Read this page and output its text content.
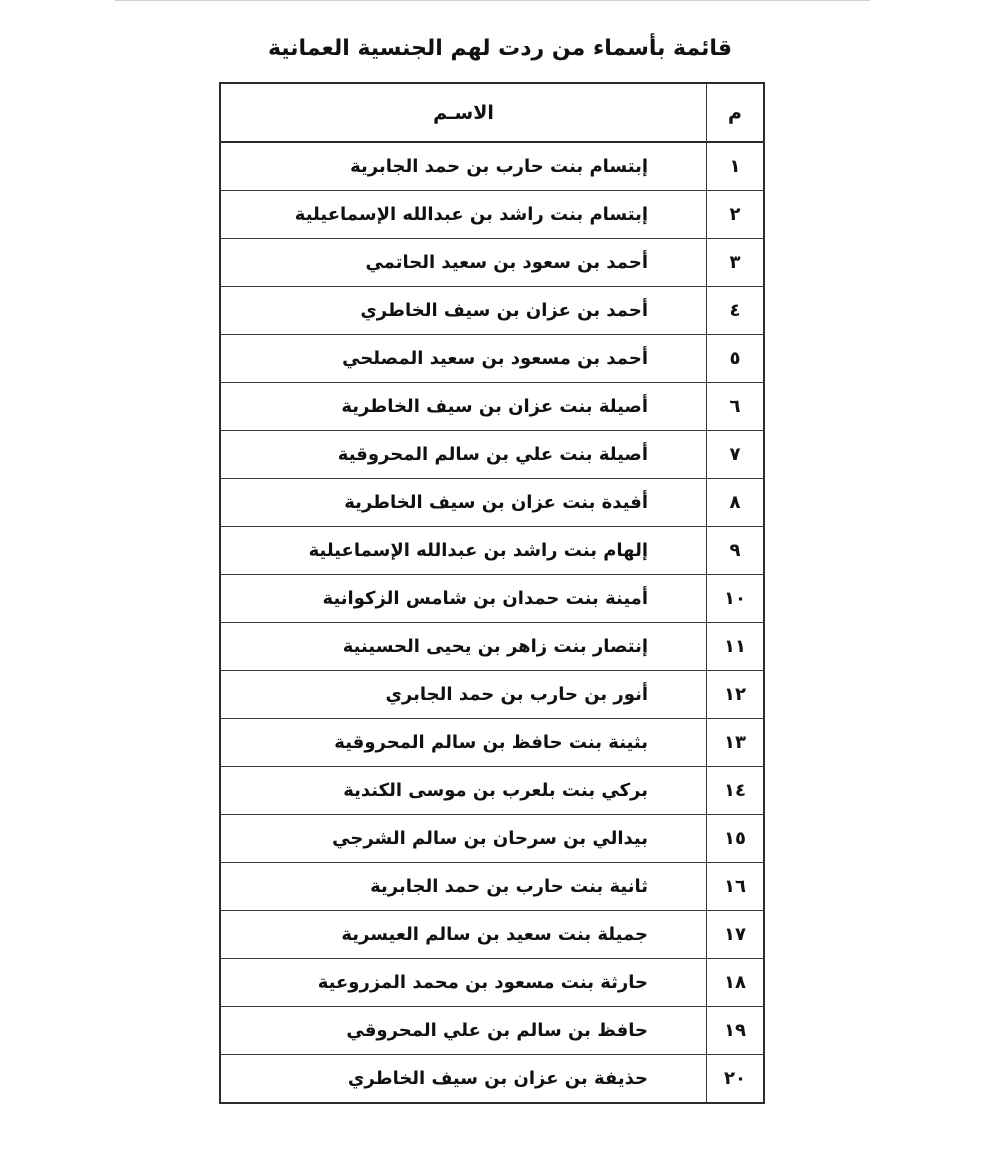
قائمة بأسماء من ردت لهم الجنسية العمانية
م	الاسـم
١	إبتسام بنت حارب بن حمد الجابرية
٢	إبتسام بنت راشد بن عبدالله الإسماعيلية
٣	أحمد بن سعود بن سعيد الحاتمي
٤	أحمد بن عزان بن سيف الخاطري
٥	أحمد بن مسعود بن سعيد المصلحي
٦	أصيلة بنت عزان بن سيف الخاطرية
٧	أصيلة بنت علي بن سالم المحروقية
٨	أفيدة بنت عزان بن سيف الخاطرية
٩	إلهام بنت راشد بن عبدالله الإسماعيلية
١٠	أمينة بنت حمدان بن شامس الزكوانية
١١	إنتصار بنت زاهر بن يحيى الحسينية
١٢	أنور بن حارب بن حمد الجابري
١٣	بثينة بنت حافظ بن سالم المحروقية
١٤	بركي بنت بلعرب بن موسى الكندية
١٥	بيدالي بن سرحان بن سالم الشرجي
١٦	ثانية بنت حارب بن حمد الجابرية
١٧	جميلة بنت سعيد بن سالم العيسرية
١٨	حارثة بنت مسعود بن محمد المزروعية
١٩	حافظ بن سالم بن علي المحروقي
٢٠	حذيفة بن عزان بن سيف الخاطري
